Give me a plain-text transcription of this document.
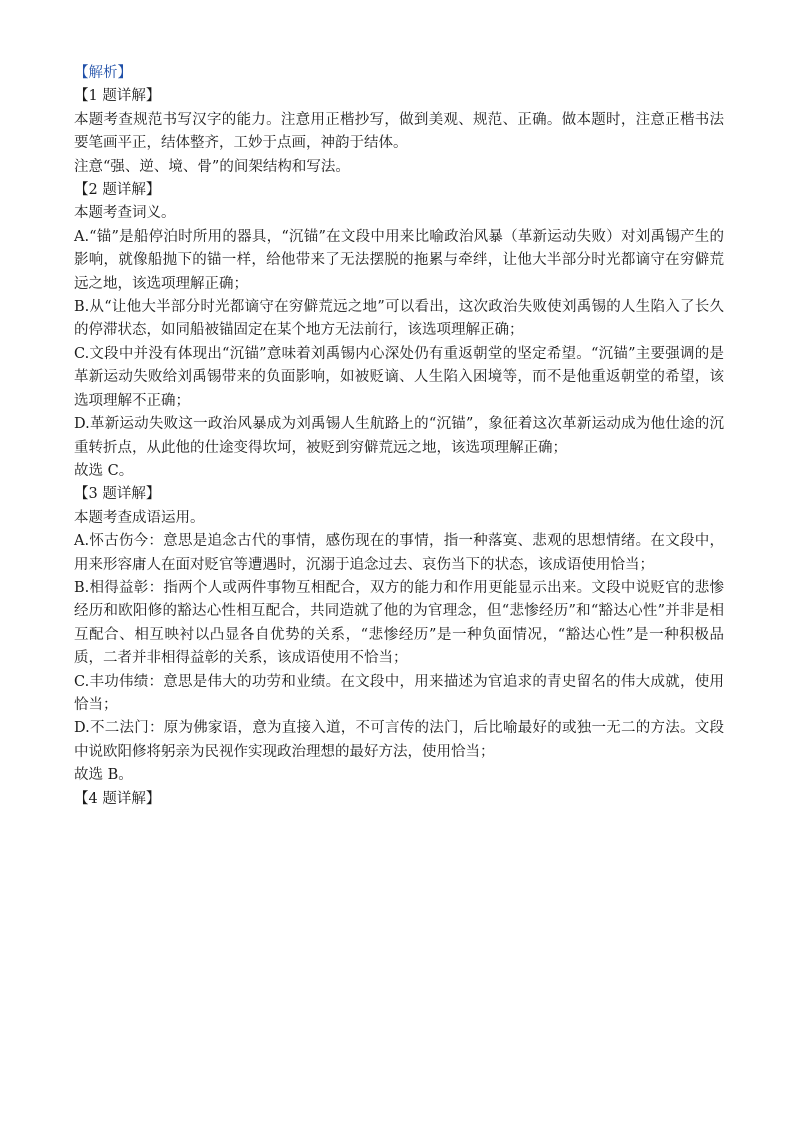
【解析】
【1 题详解】

本题考查规范书写汉字的能力。注意用正楷抄写，做到美观、规范、正确。做本题时，注意正楷书法要笔画平正，结体整齐，工妙于点画，神韵于结体。

注意“强、逆、境、骨”的间架结构和写法。

【2 题详解】

本题考查词义。

A.“锚”是船停泊时所用的器具，“沉锚”在文段中用来比喻政治风暴（革新运动失败）对刘禹锡产生的影响，就像船抛下的锚一样，给他带来了无法摆脱的拖累与牵绊，让他大半部分时光都谪守在穷僻荒远之地，该选项理解正确；

B.从“让他大半部分时光都谪守在穷僻荒远之地”可以看出，这次政治失败使刘禹锡的人生陷入了长久的停滞状态，如同船被锚固定在某个地方无法前行，该选项理解正确；

C.文段中并没有体现出“沉锚”意味着刘禹锡内心深处仍有重返朝堂的坚定希望。“沉锚”主要强调的是革新运动失败给刘禹锡带来的负面影响，如被贬谪、人生陷入困境等，而不是他重返朝堂的希望，该选项理解不正确；

D.革新运动失败这一政治风暴成为刘禹锡人生航路上的“沉锚”，象征着这次革新运动成为他仕途的沉重转折点，从此他的仕途变得坎坷，被贬到穷僻荒远之地，该选项理解正确；

故选 C。

【3 题详解】

本题考查成语运用。

A.怀古伤今：意思是追念古代的事情，感伤现在的事情，指一种落寞、悲观的思想情绪。在文段中，用来形容庸人在面对贬官等遭遇时，沉溺于追念过去、哀伤当下的状态，该成语使用恰当；

B.相得益彰：指两个人或两件事物互相配合，双方的能力和作用更能显示出来。文段中说贬官的悲惨经历和欧阳修的豁达心性相互配合，共同造就了他的为官理念，但“悲惨经历”和“豁达心性”并非是相互配合、相互映衬以凸显各自优势的关系，“悲惨经历”是一种负面情况，“豁达心性”是一种积极品质，二者并非相得益彰的关系，该成语使用不恰当；

C.丰功伟绩：意思是伟大的功劳和业绩。在文段中，用来描述为官追求的青史留名的伟大成就，使用恰当；

D.不二法门：原为佛家语，意为直接入道，不可言传的法门，后比喻最好的或独一无二的方法。文段中说欧阳修将躬亲为民视作实现政治理想的最好方法，使用恰当；

故选 B。

【4 题详解】
